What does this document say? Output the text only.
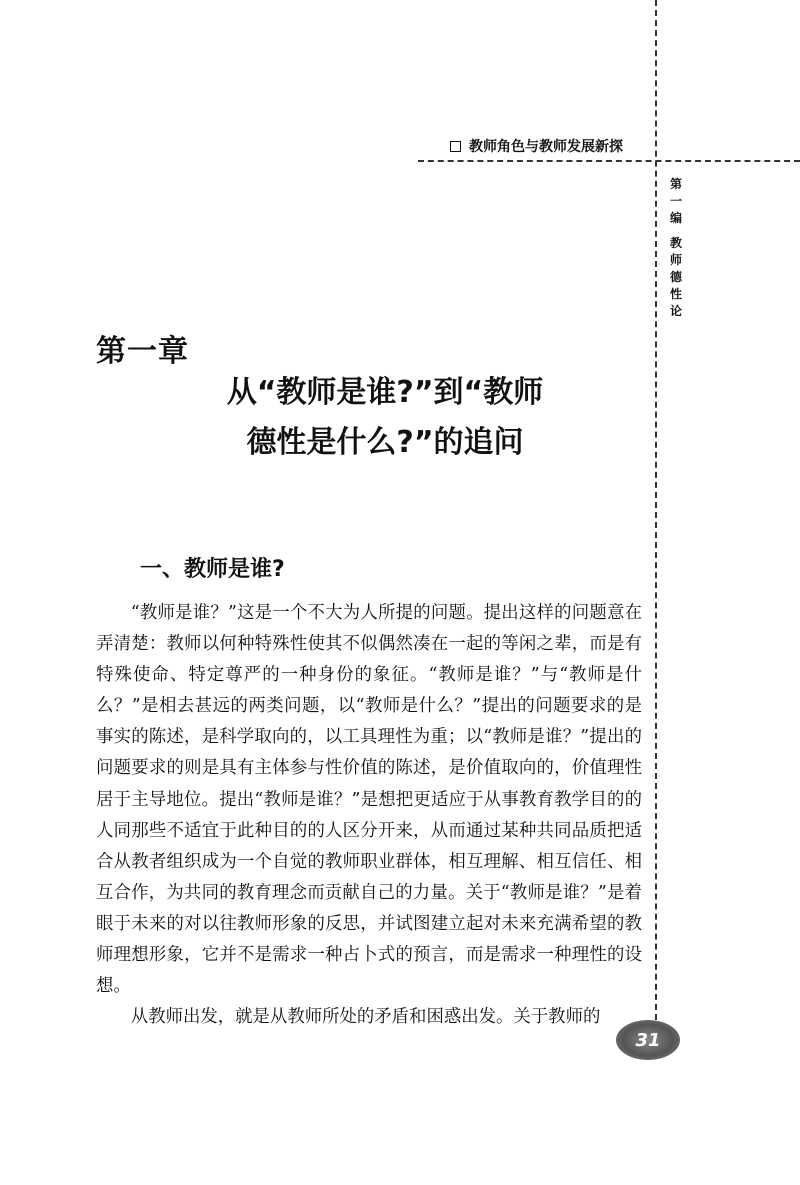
教师角色与教师发展新探
第一编
教师德性论
第一章
从“教师是谁?”到“教师
德性是什么?”的追问
一、教师是谁?

“教师是谁？”这是一个不大为人所提的问题。提出这样的问题意在弄清楚：教师以何种特殊性使其不似偶然凑在一起的等闲之辈，而是有特殊使命、特定尊严的一种身份的象征。“教师是谁？”与“教师是什么？”是相去甚远的两类问题，以“教师是什么？”提出的问题要求的是事实的陈述，是科学取向的，以工具理性为重；以“教师是谁？”提出的问题要求的则是具有主体参与性价值的陈述，是价值取向的，价值理性居于主导地位。提出“教师是谁？”是想把更适应于从事教育教学目的的人同那些不适宜于此种目的的人区分开来，从而通过某种共同品质把适合从教者组织成为一个自觉的教师职业群体，相互理解、相互信任、相互合作，为共同的教育理念而贡献自己的力量。关于“教师是谁？”是着眼于未来的对以往教师形象的反思，并试图建立起对未来充满希望的教师理想形象，它并不是需求一种占卜式的预言，而是需求一种理性的设想。

从教师出发，就是从教师所处的矛盾和困惑出发。关于教师的

31
